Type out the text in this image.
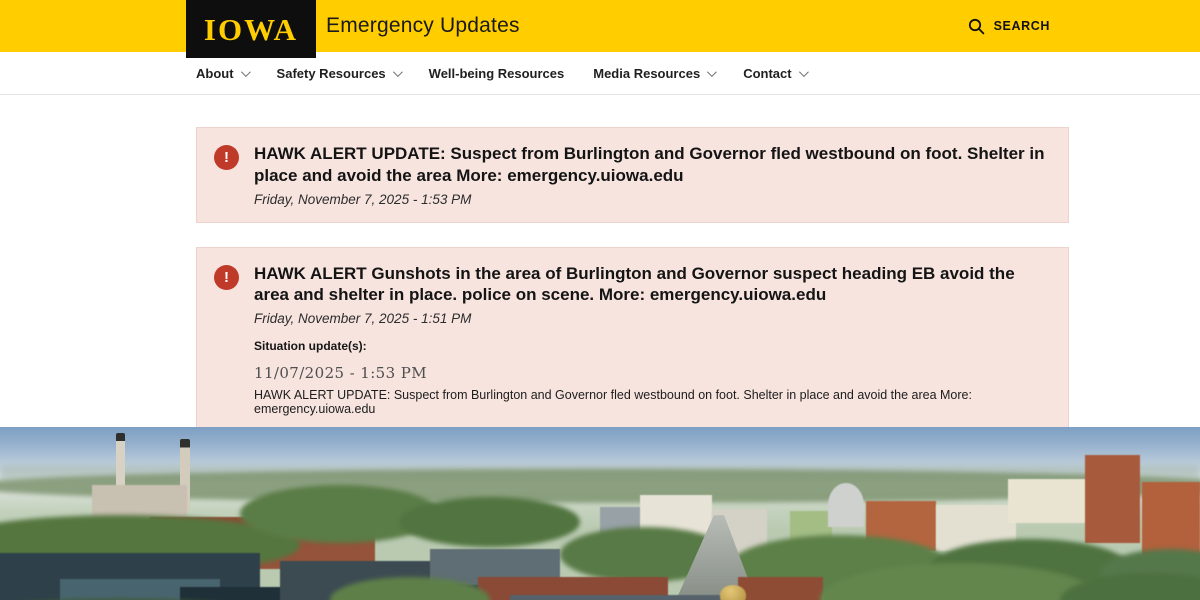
IOWA Emergency Updates	SEARCH
About	Safety Resources	Well-being Resources Media Resources	Contact
!	HAWK ALERT UPDATE: Suspect from Burlington and Governor fled westbound on foot. Shelter in place and avoid the area More: emergency.uiowa.edu
Friday, November 7, 2025 - 1:53 PM
!	HAWK ALERT Gunshots in the area of Burlington and Governor suspect heading EB avoid the area and shelter in place. police on scene. More: emergency.uiowa.edu
Friday, November 7, 2025 - 1:51 PM
Situation update(s):
11/07/2025 - 1:53 PM
HAWK ALERT UPDATE: Suspect from Burlington and Governor fled westbound on foot. Shelter in place and avoid the area More: emergency.uiowa.edu
